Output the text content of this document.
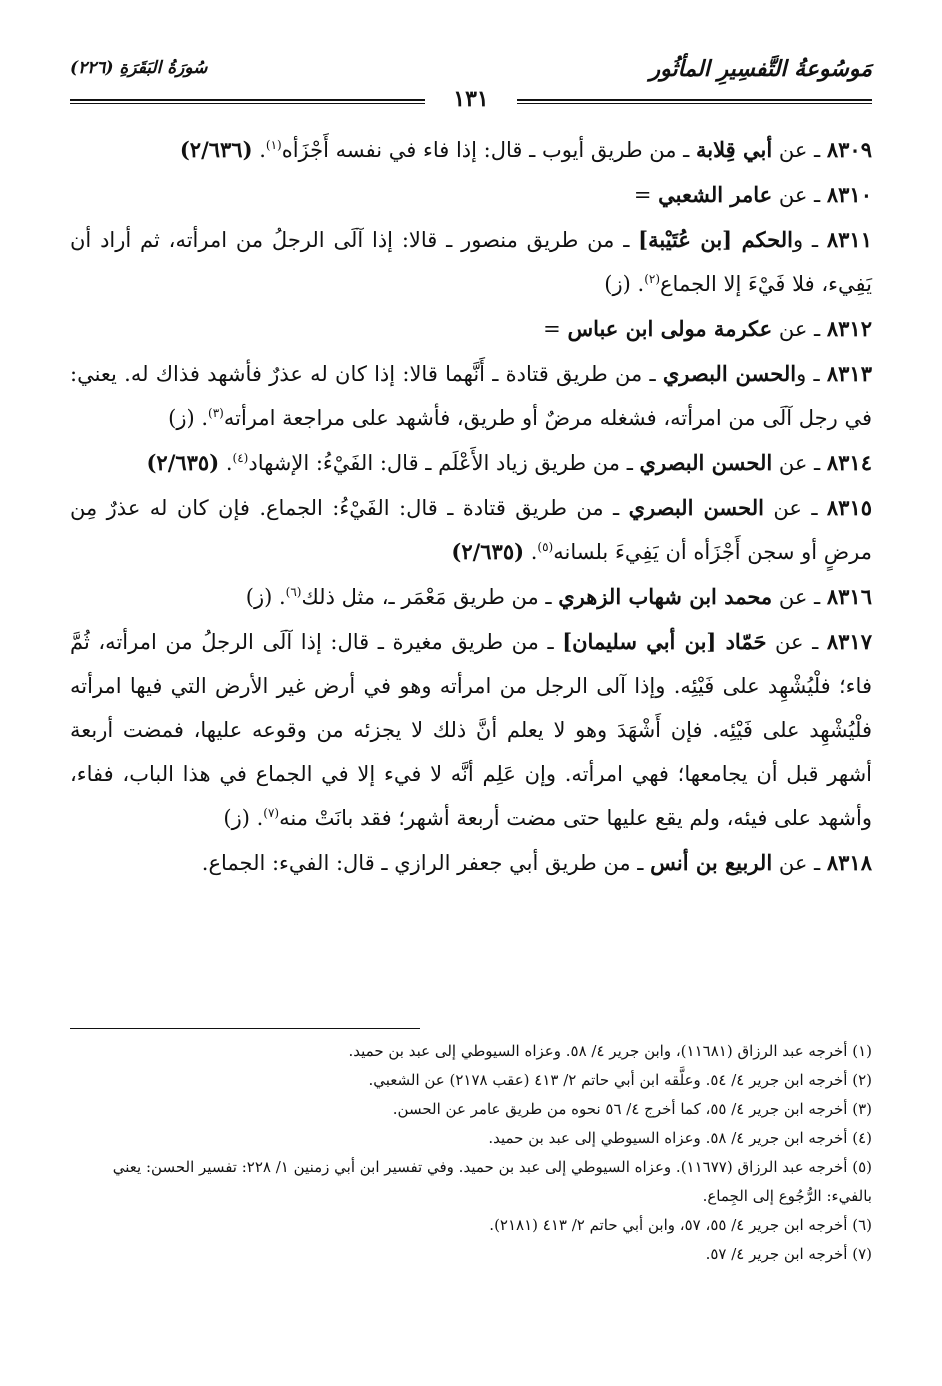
مَوسُوعةُ التَّفسِيرِ المأثُور
سُورَةُ البَقَرَةِ (٢٢٦)
١٣١
٨٣٠٩ ـ عن أبي قِلابة ـ من طريق أيوب ـ قال: إذا فاء في نفسه أَجْزَأه$^{(١)}$. (٢/٦٣٦)
٨٣١٠ ـ عن عامر الشعبي =
٨٣١١ ـ والحكم [بن عُتَيْبة] ـ من طريق منصور ـ قالا: إذا آلَى الرجلُ من امرأته، ثم أراد أن يَفِيء، فلا فَيْءَ إلا الجماع$^{(٢)}$. (ز)
٨٣١٢ ـ عن عكرمة مولى ابن عباس =
٨٣١٣ ـ والحسن البصري ـ من طريق قتادة ـ أَنَّهما قالا: إذا كان له عذرٌ فأشهد فذاك له. يعني: في رجل آلَى من امرأته، فشغله مرضٌ أو طريق، فأشهد على مراجعة امرأته$^{(٣)}$. (ز)
٨٣١٤ ـ عن الحسن البصري ـ من طريق زياد الأَعْلَم ـ قال: الفَيْءُ: الإشهاد$^{(٤)}$. (٢/٦٣٥)
٨٣١٥ ـ عن الحسن البصري ـ من طريق قتادة ـ قال: الفَيْءُ: الجماع. فإن كان له عذرٌ مِن مرضٍ أو سجن أَجْزَأه أن يَفِيءَ بلسانه$^{(٥)}$. (٢/٦٣٥)
٨٣١٦ ـ عن محمد ابن شهاب الزهري ـ من طريق مَعْمَر ـ، مثل ذلك$^{(٦)}$. (ز)
٨٣١٧ ـ عن حَمّاد [بن أبي سليمان] ـ من طريق مغيرة ـ قال: إذا آلَى الرجلُ من امرأته، ثُمَّ فاء؛ فلْيُشْهِد على فَيْئِه. وإذا آلى الرجل من امرأته وهو في أرض غير الأرض التي فيها امرأته فلْيُشْهِد على فَيْئِه. فإن أَشْهَدَ وهو لا يعلم أنَّ ذلك لا يجزئه من وقوعه عليها، فمضت أربعة أشهر قبل أن يجامعها؛ فهي امرأته. وإن عَلِم أنَّه لا فيء إلا في الجماع في هذا الباب، ففاء، وأشهد على فيئه، ولم يقع عليها حتى مضت أربعة أشهر؛ فقد بانَتْ منه$^{(٧)}$. (ز)
٨٣١٨ ـ عن الربيع بن أنس ـ من طريق أبي جعفر الرازي ـ قال: الفيء: الجماع.
(١) أخرجه عبد الرزاق (١١٦٨١)، وابن جرير ٤/ ٥٨. وعزاه السيوطي إلى عبد بن حميد.
(٢) أخرجه ابن جرير ٤/ ٥٤. وعلَّقه ابن أبي حاتم ٢/ ٤١٣ (عقب ٢١٧٨) عن الشعبي.
(٣) أخرجه ابن جرير ٤/ ٥٥، كما أخرج ٤/ ٥٦ نحوه من طريق عامر عن الحسن.
(٤) أخرجه ابن جرير ٤/ ٥٨. وعزاه السيوطي إلى عبد بن حميد.
(٥) أخرجه عبد الرزاق (١١٦٧٧). وعزاه السيوطي إلى عبد بن حميد. وفي تفسير ابن أبي زمنين ١/ ٢٢٨: تفسير الحسن: يعني بالفيء: الرُّجُوع إلى الجِماع.
(٦) أخرجه ابن جرير ٤/ ٥٥، ٥٧، وابن أبي حاتم ٢/ ٤١٣ (٢١٨١).
(٧) أخرجه ابن جرير ٤/ ٥٧.
